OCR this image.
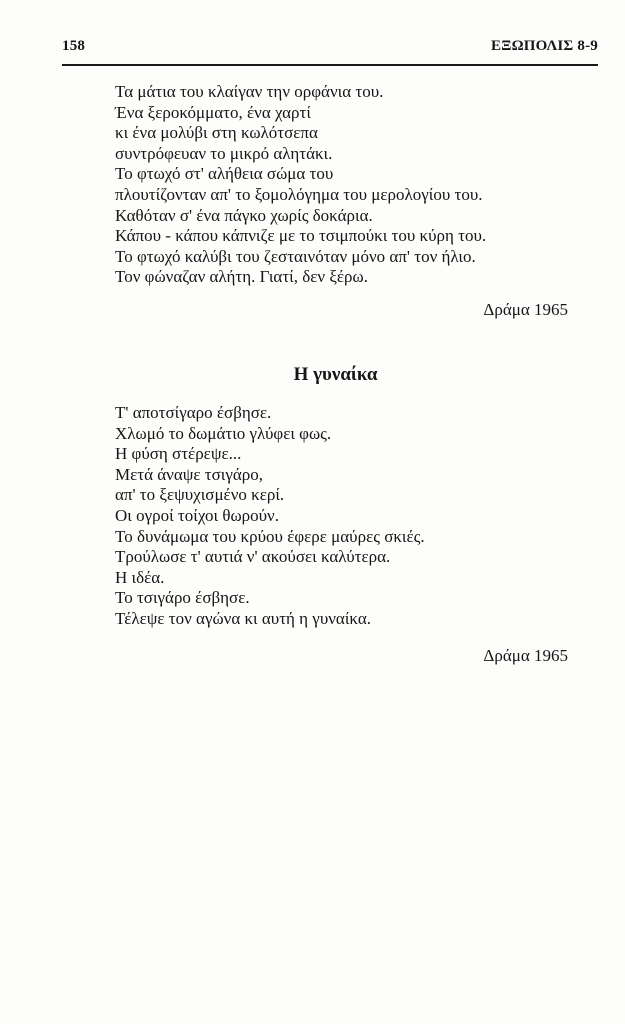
158	ΕΞΩΠΟΛΙΣ 8-9
Τα μάτια του κλαίγαν την ορφάνια του.
Ένα ξεροκόμματο, ένα χαρτί
κι ένα μολύβι στη κωλότσεπα
συντρόφευαν το μικρό αλητάκι.
Το φτωχό στ' αλήθεια σώμα του
πλουτίζονταν απ' το ξομολόγημα του μερολογίου του.
Καθόταν σ' ένα πάγκο χωρίς δοκάρια.
Κάπου - κάπου κάπνιζε με το τσιμπούκι του κύρη του.
Το φτωχό καλύβι του ζεσταινόταν μόνο απ' τον ήλιο.
Τον φώναζαν αλήτη. Γιατί, δεν ξέρω.
Δράμα 1965
Η γυναίκα
Τ' αποτσίγαρο έσβησε.
Χλωμό το δωμάτιο γλύφει φως.
Η φύση στέρεψε...
Μετά άναψε τσιγάρο,
απ' το ξεψυχισμένο κερί.
Οι ογροί τοίχοι θωρούν.
Το δυνάμωμα του κρύου έφερε μαύρες σκιές.
Τρούλωσε τ' αυτιά ν' ακούσει καλύτερα.
Η ιδέα.
Το τσιγάρο έσβησε.
Τέλεψε τον αγώνα κι αυτή η γυναίκα.
Δράμα 1965
